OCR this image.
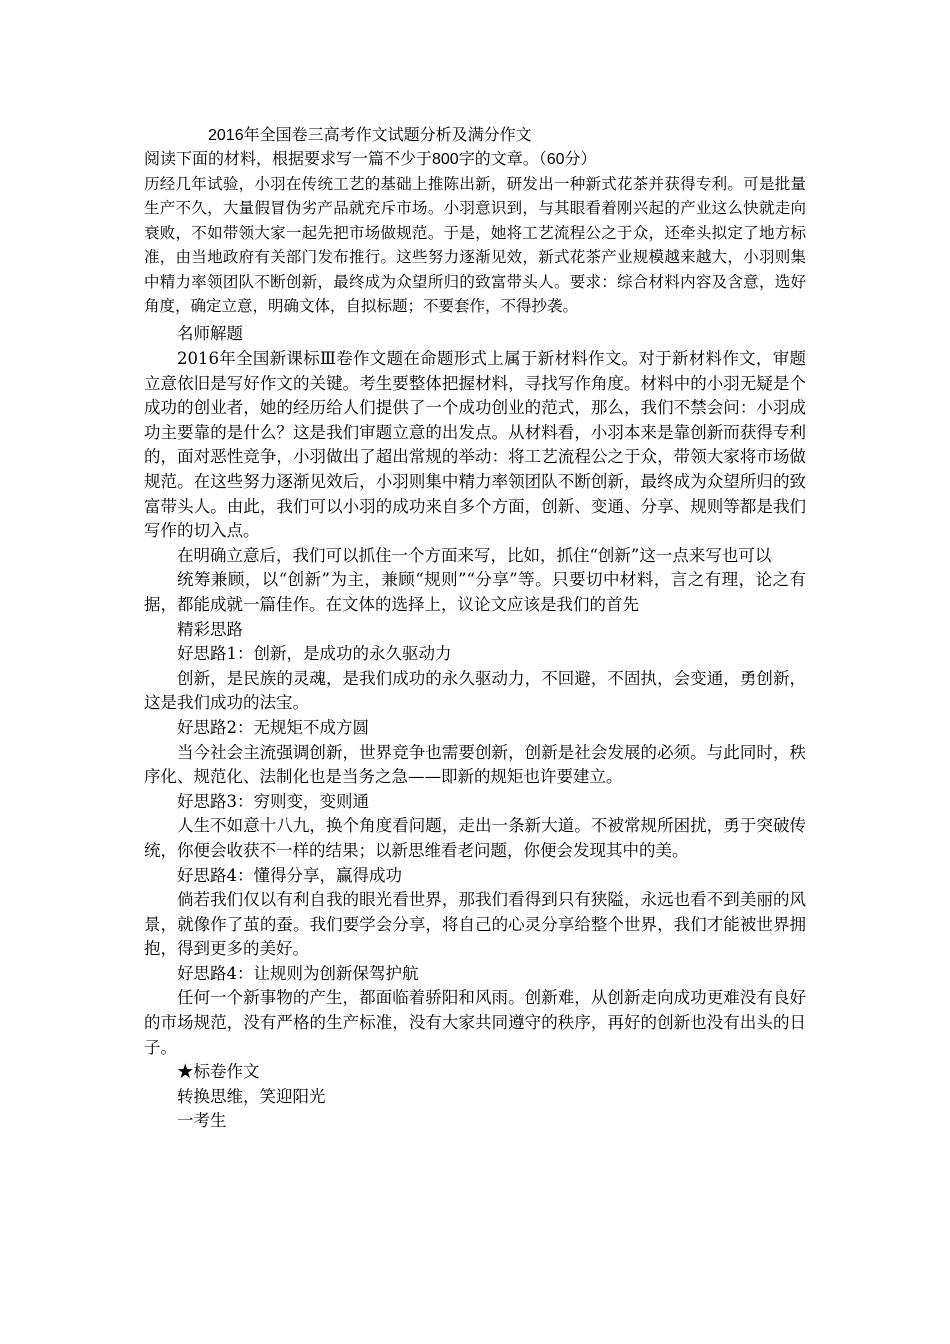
2016年全国卷三高考作文试题分析及满分作文
阅读下面的材料，根据要求写一篇不少于800字的文章。（60分）

历经几年试验，小羽在传统工艺的基础上推陈出新，研发出一种新式花茶并获得专利。可是批量生产不久，大量假冒伪劣产品就充斥市场。小羽意识到，与其眼看着刚兴起的产业这么快就走向衰败，不如带领大家一起先把市场做规范。于是，她将工艺流程公之于众，还牵头拟定了地方标准，由当地政府有关部门发布推行。这些努力逐渐见效，新式花茶产业规模越来越大，小羽则集中精力率领团队不断创新，最终成为众望所归的致富带头人。要求：综合材料内容及含意，选好角度，确定立意，明确文体，自拟标题；不要套作，不得抄袭。

名师解题

2016年全国新课标Ⅲ卷作文题在命题形式上属于新材料作文。对于新材料作文，审题立意依旧是写好作文的关键。考生要整体把握材料，寻找写作角度。材料中的小羽无疑是个成功的创业者，她的经历给人们提供了一个成功创业的范式，那么，我们不禁会问：小羽成功主要靠的是什么？这是我们审题立意的出发点。从材料看，小羽本来是靠创新而获得专利的，面对恶性竞争，小羽做出了超出常规的举动：将工艺流程公之于众，带领大家将市场做规范。在这些努力逐渐见效后，小羽则集中精力率领团队不断创新，最终成为众望所归的致富带头人。由此，我们可以小羽的成功来自多个方面，创新、变通、分享、规则等都是我们写作的切入点。

在明确立意后，我们可以抓住一个方面来写，比如，抓住“创新”这一点来写也可以

统筹兼顾，以“创新”为主，兼顾“规则”“分享”等。只要切中材料，言之有理，论之有据，都能成就一篇佳作。在文体的选择上，议论文应该是我们的首先

精彩思路
好思路1：创新，是成功的永久驱动力

创新，是民族的灵魂，是我们成功的永久驱动力，不回避，不固执，会变通，勇创新，这是我们成功的法宝。

好思路2：无规矩不成方圆

当今社会主流强调创新，世界竞争也需要创新，创新是社会发展的必须。与此同时，秩序化、规范化、法制化也是当务之急——即新的规矩也许要建立。

好思路3：穷则变，变则通

人生不如意十八九，换个角度看问题，走出一条新大道。不被常规所困扰，勇于突破传统，你便会收获不一样的结果；以新思维看老问题，你便会发现其中的美。

好思路4：懂得分享，赢得成功

倘若我们仅以有利自我的眼光看世界，那我们看得到只有狭隘，永远也看不到美丽的风景，就像作了茧的蚕。我们要学会分享，将自己的心灵分享给整个世界，我们才能被世界拥抱，得到更多的美好。

好思路4：让规则为创新保驾护航

任何一个新事物的产生，都面临着骄阳和风雨。创新难，从创新走向成功更难没有良好的市场规范，没有严格的生产标准，没有大家共同遵守的秩序，再好的创新也没有出头的日子。

★标卷作文
转换思维，笑迎阳光
一考生
